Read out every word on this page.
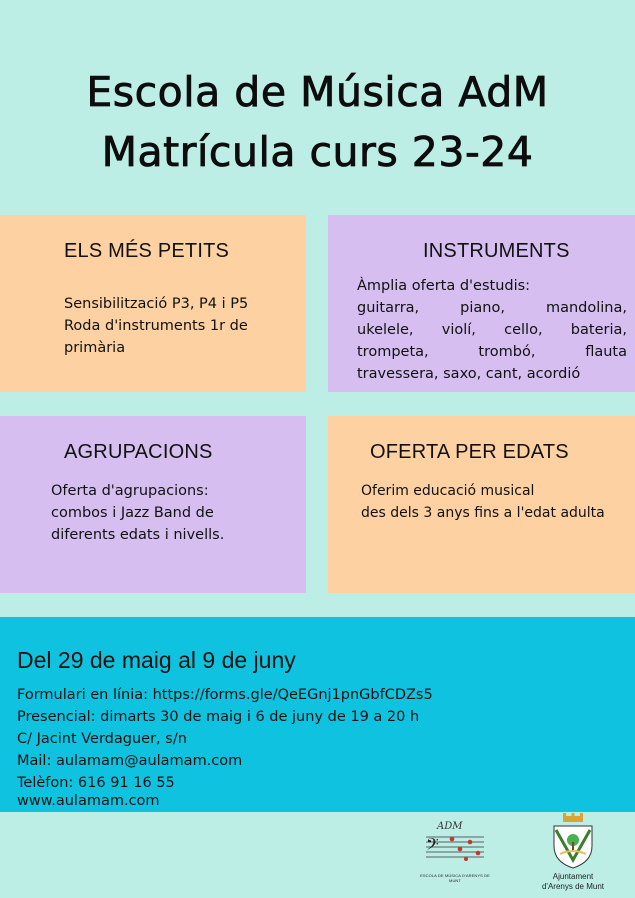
Escola de Música AdM
Matrícula curs 23-24
ELS MÉS PETITS

Sensibilització P3, P4 i P5
Roda d'instruments 1r de
primària

INSTRUMENTS

Àmplia oferta d'estudis:
guitarra, piano, mandolina,
ukelele, violí, cello, bateria,
trompeta, trombó, flauta
travessera, saxo, cant, acordió

AGRUPACIONS

Oferta d'agrupacions:
combos i Jazz Band de
diferents edats i nivells.

OFERTA PER EDATS

Oferim educació musical
des dels 3 anys fins a l'edat adulta

Del 29 de maig al 9 de juny
Formulari en línia: https://forms.gle/QeEGnj1pnGbfCDZs5
Presencial: dimarts 30 de maig i 6 de juny de 19 a 20 h
C/ Jacint Verdaguer, s/n
Mail: aulamam@aulamam.com
Telèfon: 616 91 16 55
www.aulamam.com
ADM
𝄢
ESCOLA DE MÚSICA D'ARENYS DE MUNT	Ajuntament
d'Arenys de Munt
